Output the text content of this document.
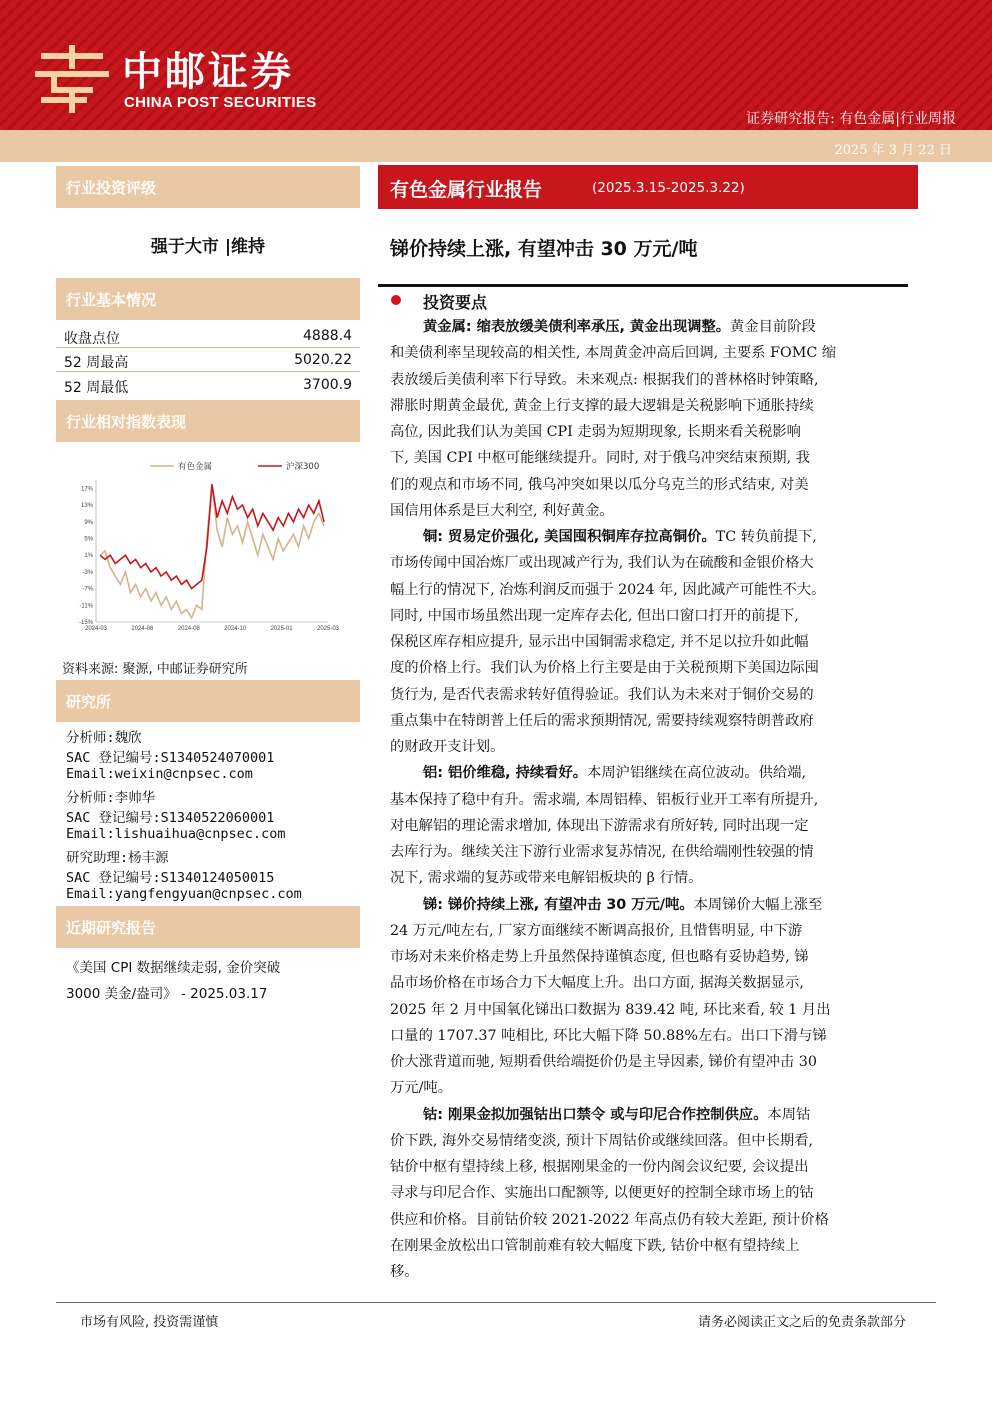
中邮证券
CHINA POST SECURITIES
证券研究报告: 有色金属|行业周报
2025 年 3 月 22 日
行业投资评级
强于大市 |维持
行业基本情况
收盘点位	4888.4
52 周最高	5020.22
52 周最低	3700.9
行业相对指数表现
17%
13%
9%
5%
1%
-3%
-7%
-11%
-15%
2024-03	2024-06	2024-08	2024-10	2025-01	2025-03
有色金属	沪深300
资料来源: 聚源, 中邮证券研究所
研究所
分析师:魏欣
SAC 登记编号:S1340524070001
Email:weixin@cnpsec.com
分析师:李帅华
SAC 登记编号:S1340522060001
Email:lishuaihua@cnpsec.com
研究助理:杨丰源
SAC 登记编号:S1340124050015
Email:yangfengyuan@cnpsec.com
近期研究报告
《美国 CPI 数据继续走弱, 金价突破
3000 美金/盎司》 - 2025.03.17
有色金属行业报告	(2025.3.15-2025.3.22)
锑价持续上涨, 有望冲击 30 万元/吨
投资要点
黄金属: 缩表放缓美债利率承压, 黄金出现调整。黄金目前阶段
和美债利率呈现较高的相关性, 本周黄金冲高后回调, 主要系 FOMC 缩
表放缓后美债利率下行导致。未来观点: 根据我们的普林格时钟策略,
滞胀时期黄金最优, 黄金上行支撑的最大逻辑是关税影响下通胀持续
高位, 因此我们认为美国 CPI 走弱为短期现象, 长期来看关税影响
下, 美国 CPI 中枢可能继续提升。同时, 对于俄乌冲突结束预期, 我
们的观点和市场不同, 俄乌冲突如果以瓜分乌克兰的形式结束, 对美
国信用体系是巨大利空, 利好黄金。
铜: 贸易定价强化, 美国囤积铜库存拉高铜价。TC 转负前提下,
市场传闻中国冶炼厂或出现减产行为, 我们认为在硫酸和金银价格大
幅上行的情况下, 冶炼利润反而强于 2024 年, 因此减产可能性不大。
同时, 中国市场虽然出现一定库存去化, 但出口窗口打开的前提下,
保税区库存相应提升, 显示出中国铜需求稳定, 并不足以拉升如此幅
度的价格上行。我们认为价格上行主要是由于关税预期下美国边际囤
货行为, 是否代表需求转好值得验证。我们认为未来对于铜价交易的
重点集中在特朗普上任后的需求预期情况, 需要持续观察特朗普政府
的财政开支计划。
铝: 铝价维稳, 持续看好。本周沪铝继续在高位波动。供给端,
基本保持了稳中有升。需求端, 本周铝棒、铝板行业开工率有所提升,
对电解铝的理论需求增加, 体现出下游需求有所好转, 同时出现一定
去库行为。继续关注下游行业需求复苏情况, 在供给端刚性较强的情
况下, 需求端的复苏或带来电解铝板块的 β 行情。
锑: 锑价持续上涨, 有望冲击 30 万元/吨。本周锑价大幅上涨至
24 万元/吨左右, 厂家方面继续不断调高报价, 且惜售明显, 中下游
市场对未来价格走势上升虽然保持谨慎态度, 但也略有妥协趋势, 锑
品市场价格在市场合力下大幅度上升。出口方面, 据海关数据显示,
2025 年 2 月中国氧化锑出口数据为 839.42 吨, 环比来看, 较 1 月出
口量的 1707.37 吨相比, 环比大幅下降 50.88%左右。出口下滑与锑
价大涨背道而驰, 短期看供给端挺价仍是主导因素, 锑价有望冲击 30
万元/吨。
钴: 刚果金拟加强钴出口禁令 或与印尼合作控制供应。本周钴
价下跌, 海外交易情绪变淡, 预计下周钴价或继续回落。但中长期看,
钴价中枢有望持续上移, 根据刚果金的一份内阁会议纪要, 会议提出
寻求与印尼合作、实施出口配额等, 以便更好的控制全球市场上的钴
供应和价格。目前钴价较 2021-2022 年高点仍有较大差距, 预计价格
在刚果金放松出口管制前难有较大幅度下跌, 钴价中枢有望持续上
移。
市场有风险, 投资需谨慎	请务必阅读正文之后的免责条款部分
